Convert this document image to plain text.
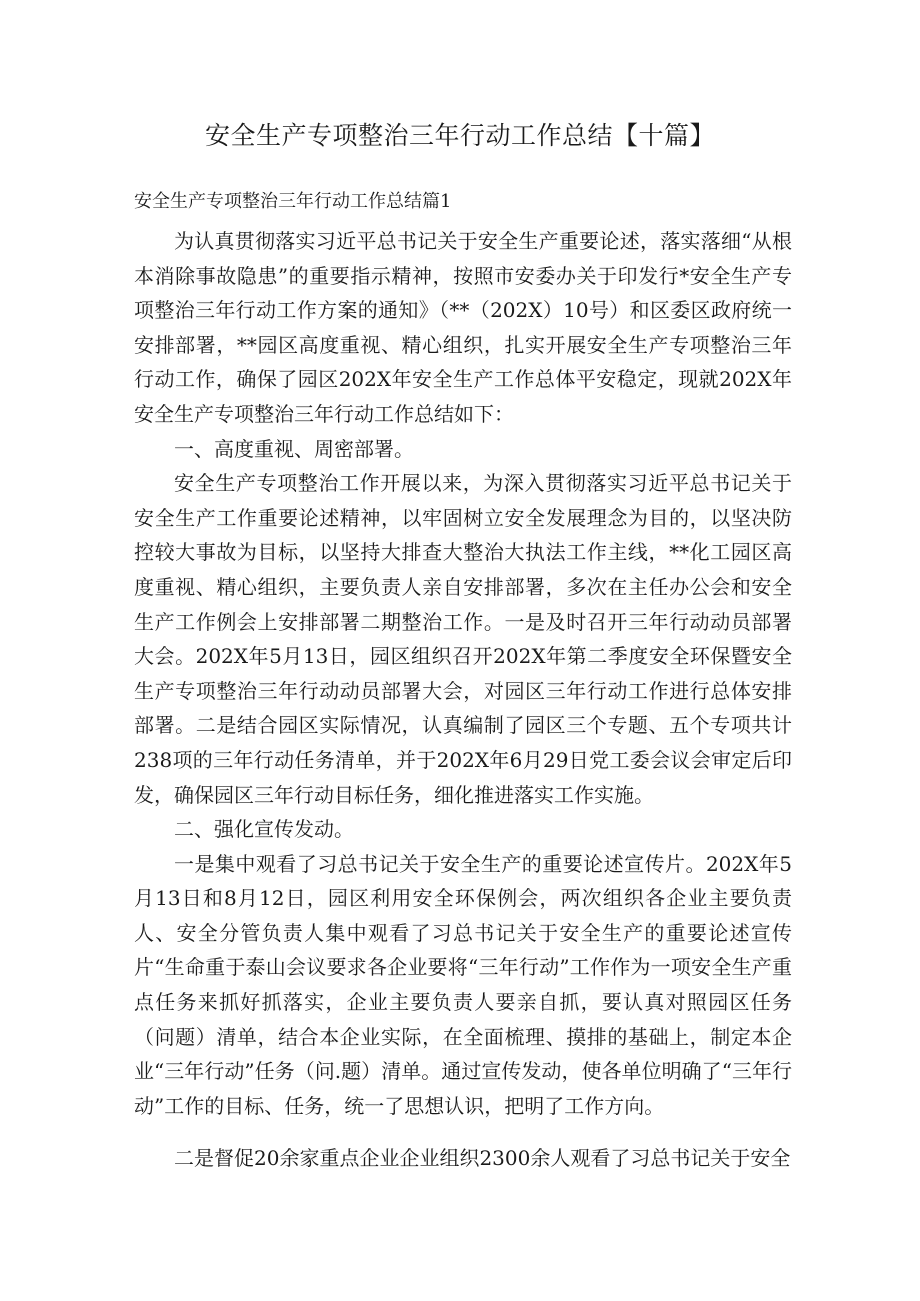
安全生产专项整治三年行动工作总结【十篇】
安全生产专项整治三年行动工作总结篇1

为认真贯彻落实习近平总书记关于安全生产重要论述，落实落细“从根本消除事故隐患”的重要指示精神，按照市安委办关于印发行*安全生产专项整治三年行动工作方案的通知》（**（202X）10号）和区委区政府统一安排部署，**园区高度重视、精心组织，扎实开展安全生产专项整治三年行动工作，确保了园区202X年安全生产工作总体平安稳定，现就202X年安全生产专项整治三年行动工作总结如下：

一、高度重视、周密部署。

安全生产专项整治工作开展以来，为深入贯彻落实习近平总书记关于安全生产工作重要论述精神，以牢固树立安全发展理念为目的，以坚决防控较大事故为目标，以坚持大排查大整治大执法工作主线，**化工园区高度重视、精心组织，主要负责人亲自安排部署，多次在主任办公会和安全生产工作例会上安排部署二期整治工作。一是及时召开三年行动动员部署大会。202X年5月13日，园区组织召开202X年第二季度安全环保暨安全生产专项整治三年行动动员部署大会，对园区三年行动工作进行总体安排部署。二是结合园区实际情况，认真编制了园区三个专题、五个专项共计238项的三年行动任务清单，并于202X年6月29日党工委会议会审定后印发，确保园区三年行动目标任务，细化推进落实工作实施。

二、强化宣传发动。

一是集中观看了习总书记关于安全生产的重要论述宣传片。202X年5月13日和8月12日，园区利用安全环保例会，两次组织各企业主要负责人、安全分管负责人集中观看了习总书记关于安全生产的重要论述宣传片“生命重于泰山会议要求各企业要将“三年行动”工作作为一项安全生产重点任务来抓好抓落实，企业主要负责人要亲自抓，要认真对照园区任务（问题）清单，结合本企业实际，在全面梳理、摸排的基础上，制定本企业“三年行动”任务（问.题）清单。通过宣传发动，使各单位明确了“三年行动”工作的目标、任务，统一了思想认识，把明了工作方向。

二是督促20余家重点企业企业组织2300余人观看了习总书记关于安全
